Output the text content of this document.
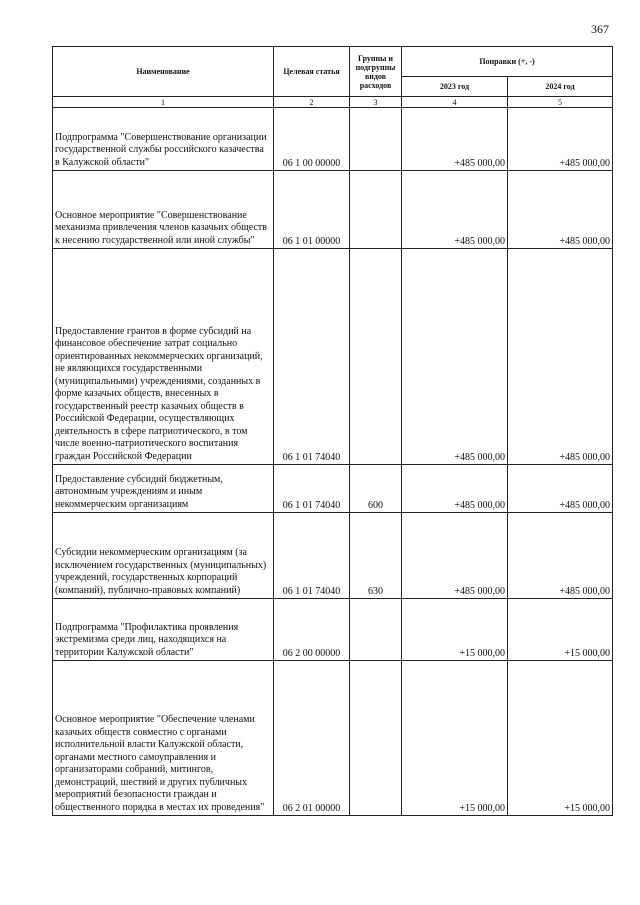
367
Наименование	Целевая статья	Группы и подгруппы видов расходов	Поправки (+, -)	
			2023 год	2024 год
1	2	3	4	5
Подпрограмма "Совершенствование организации государственной службы российского казачества в Калужской области"	06 1 00 00000		+485 000,00	+485 000,00
Основное мероприятие "Совершенствование механизма привлечения членов казачьих обществ к несению государственной или иной службы"	06 1 01 00000		+485 000,00	+485 000,00
Предоставление грантов в форме субсидий на финансовое обеспечение затрат социально ориентированных некоммерческих организаций, не являющихся государственными (муниципальными) учреждениями, созданных в форме казачьих обществ, внесенных в государственный реестр казачьих обществ в Российской Федерации, осуществляющих деятельность в сфере патриотического, в том числе военно-патриотического воспитания граждан Российской Федерации	06 1 01 74040		+485 000,00	+485 000,00
Предоставление субсидий бюджетным, автономным учреждениям и иным некоммерческим организациям	06 1 01 74040	600	+485 000,00	+485 000,00
Субсидии некоммерческим организациям (за исключением государственных (муниципальных) учреждений, государственных корпораций (компаний), публично-правовых компаний)	06 1 01 74040	630	+485 000,00	+485 000,00
Подпрограмма "Профилактика проявления экстремизма среди лиц, находящихся на территории Калужской области"	06 2 00 00000		+15 000,00	+15 000,00
Основное мероприятие "Обеспечение членами казачьих обществ совместно с органами исполнительной власти Калужской области, органами местного самоуправления и организаторами собраний, митингов, демонстраций, шествий и других публичных мероприятий безопасности граждан и общественного порядка в местах их проведения"	06 2 01 00000		+15 000,00	+15 000,00
